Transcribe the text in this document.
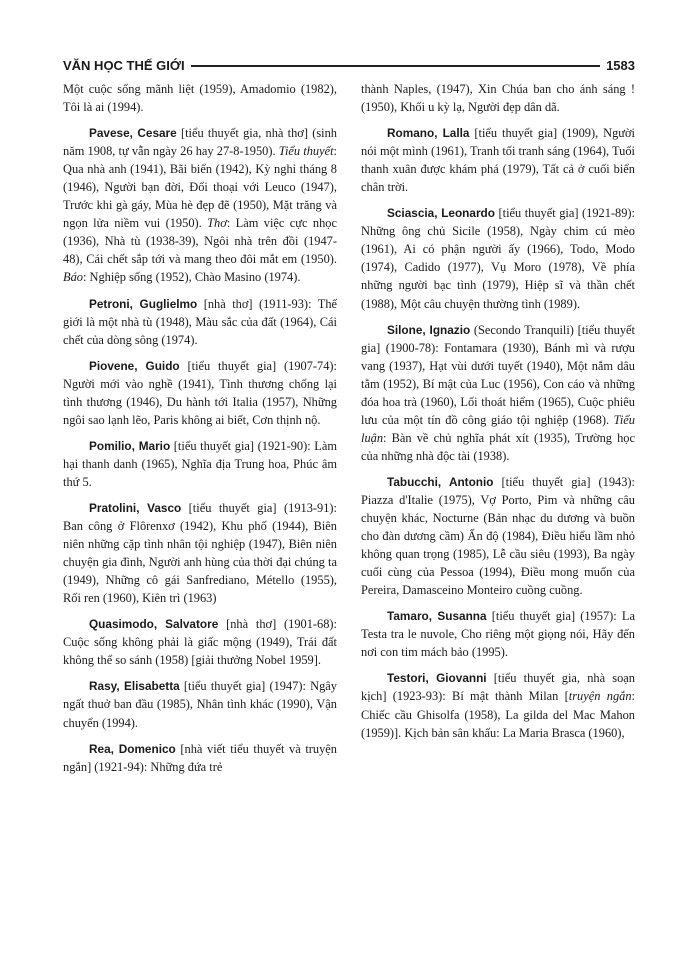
VĂN HỌC THẾ GIỚI	1583

Một cuộc sống mãnh liệt (1959), Amadomio (1982), Tôi là ai (1994).

Pavese, Cesare [tiểu thuyết gia, nhà thơ] (sinh năm 1908, tự vẫn ngày 26 hay 27-8-1950). Tiểu thuyết: Qua nhà anh (1941), Bãi biển (1942), Kỳ nghỉ tháng 8 (1946), Người bạn đời, Đối thoại với Leuco (1947), Trước khi gà gáy, Mùa hè đẹp đẽ (1950), Mặt trăng và ngọn lửa niềm vui (1950). Thơ: Làm việc cực nhọc (1936), Nhà tù (1938-39), Ngôi nhà trên đồi (1947-48), Cái chết sắp tới và mang theo đôi mắt em (1950). Báo: Nghiệp sống (1952), Chào Masino (1974).

Petroni, Guglielmo [nhà thơ] (1911-93): Thế giới là một nhà tù (1948), Màu sắc của đất (1964), Cái chết của dòng sông (1974).

Piovene, Guido [tiểu thuyết gia] (1907-74): Người mới vào nghề (1941), Tình thương chống lại tình thương (1946), Du hành tới Italia (1957), Những ngôi sao lạnh lẽo, Paris không ai biết, Cơn thịnh nộ.

Pomilio, Mario [tiểu thuyết gia] (1921-90): Làm hại thanh danh (1965), Nghĩa địa Trung hoa, Phúc âm thứ 5.

Pratolini, Vasco [tiểu thuyết gia] (1913-91): Ban công ở Flôrenxơ (1942), Khu phố (1944), Biên niên những cặp tình nhân tội nghiệp (1947), Biên niên chuyện gia đình, Người anh hùng của thời đại chúng ta (1949), Những cô gái Sanfrediano, Métello (1955), Rối ren (1960), Kiên trì (1963)

Quasimodo, Salvatore [nhà thơ] (1901-68): Cuộc sống không phải là giấc mộng (1949), Trái đất không thể so sánh (1958) [giải thưởng Nobel 1959].

Rasy, Elisabetta [tiểu thuyết gia] (1947): Ngây ngất thuở ban đầu (1985), Nhân tình khác (1990), Vận chuyển (1994).

Rea, Domenico [nhà viết tiểu thuyết và truyện ngắn] (1921-94): Những đứa trẻ

thành Naples, (1947), Xin Chúa ban cho ánh sáng ! (1950), Khối u kỳ lạ, Người đẹp dân dã.

Romano, Lalla [tiểu thuyết gia] (1909), Người nói một mình (1961), Tranh tối tranh sáng (1964), Tuổi thanh xuân được khám phá (1979), Tất cả ở cuối biển chân trời.

Sciascia, Leonardo [tiểu thuyết gia] (1921-89): Những ông chủ Sicile (1958), Ngày chim cú mèo (1961), Ai có phận người ấy (1966), Todo, Modo (1974), Cadido (1977), Vụ Moro (1978), Về phía những người bạc tình (1979), Hiệp sĩ và thần chết (1988), Một câu chuyện thường tình (1989).

Silone, Ignazio (Secondo Tranquili) [tiểu thuyết gia] (1900-78): Fontamara (1930), Bánh mì và rượu vang (1937), Hạt vùi dưới tuyết (1940), Một nắm dâu tằm (1952), Bí mật của Luc (1956), Con cáo và những đóa hoa trà (1960), Lối thoát hiểm (1965), Cuộc phiêu lưu của một tín đồ công giáo tội nghiệp (1968). Tiểu luận: Bàn về chủ nghĩa phát xít (1935), Trường học của những nhà độc tài (1938).

Tabucchi, Antonio [tiểu thuyết gia] (1943): Piazza d'Italie (1975), Vợ Porto, Pim và những câu chuyện khác, Nocturne (Bản nhạc du dương và buồn cho đàn dương cầm) Ấn độ (1984), Điều hiểu lầm nhỏ không quan trọng (1985), Lễ cầu siêu (1993), Ba ngày cuối cùng của Pessoa (1994), Điều mong muốn của Pereira, Damasceino Monteiro cuồng cuồng.

Tamaro, Susanna [tiểu thuyết gia] (1957): La Testa tra le nuvole, Cho riêng một giọng nói, Hãy đến nơi con tim mách bảo (1995).

Testori, Giovanni [tiểu thuyết gia, nhà soạn kịch] (1923-93): Bí mật thành Milan [truyện ngắn: Chiếc cầu Ghisolfa (1958), La gilda del Mac Mahon (1959)]. Kịch bản sân khấu: La Maria Brasca (1960),
